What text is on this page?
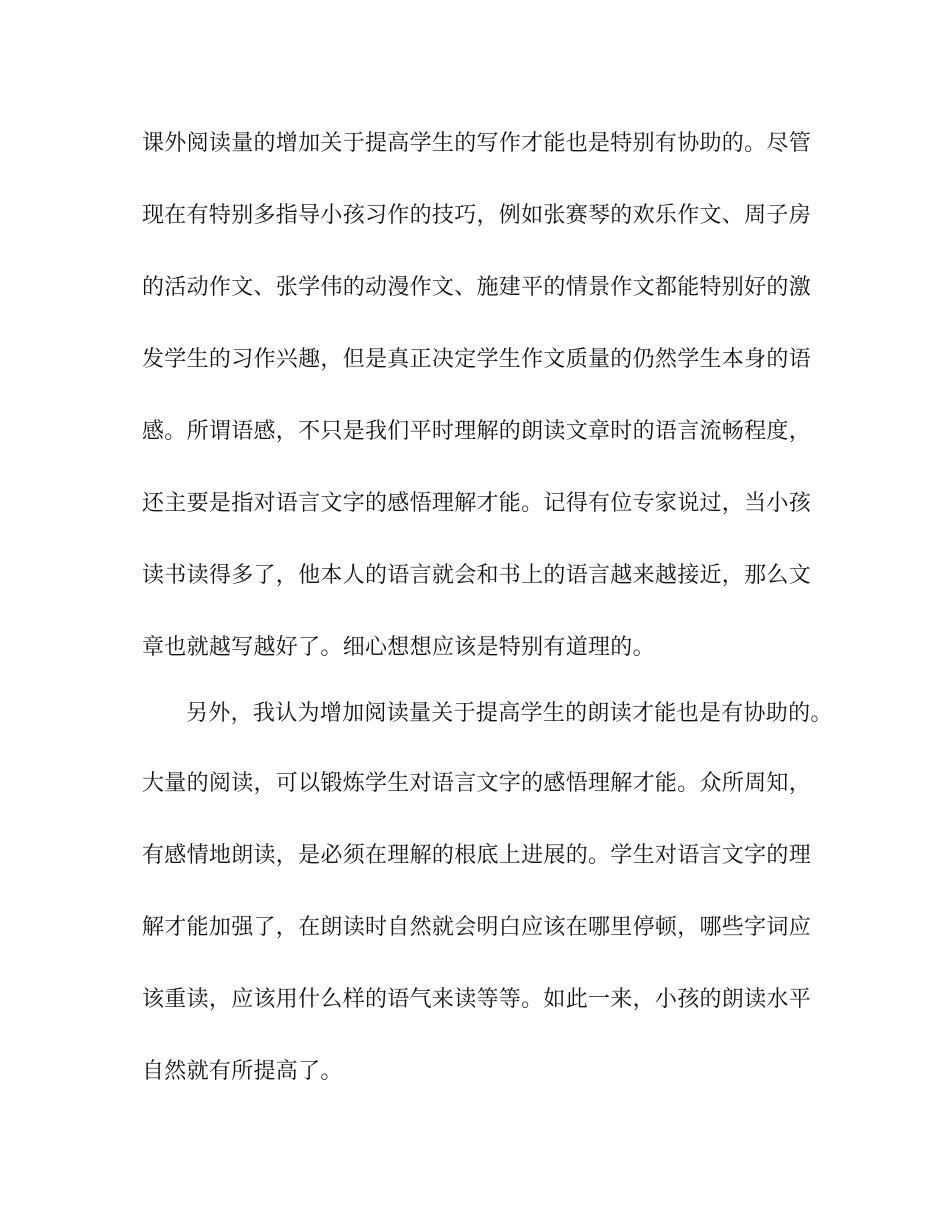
课外阅读量的增加关于提高学生的写作才能也是特别有协助的。尽管
现在有特别多指导小孩习作的技巧，例如张赛琴的欢乐作文、周子房
的活动作文、张学伟的动漫作文、施建平的情景作文都能特别好的激
发学生的习作兴趣，但是真正决定学生作文质量的仍然学生本身的语
感。所谓语感，不只是我们平时理解的朗读文章时的语言流畅程度，
还主要是指对语言文字的感悟理解才能。记得有位专家说过，当小孩
读书读得多了，他本人的语言就会和书上的语言越来越接近，那么文
章也就越写越好了。细心想想应该是特别有道理的。
另外，我认为增加阅读量关于提高学生的朗读才能也是有协助的。
大量的阅读，可以锻炼学生对语言文字的感悟理解才能。众所周知，
有感情地朗读，是必须在理解的根底上进展的。学生对语言文字的理
解才能加强了，在朗读时自然就会明白应该在哪里停顿，哪些字词应
该重读，应该用什么样的语气来读等等。如此一来，小孩的朗读水平
自然就有所提高了。
